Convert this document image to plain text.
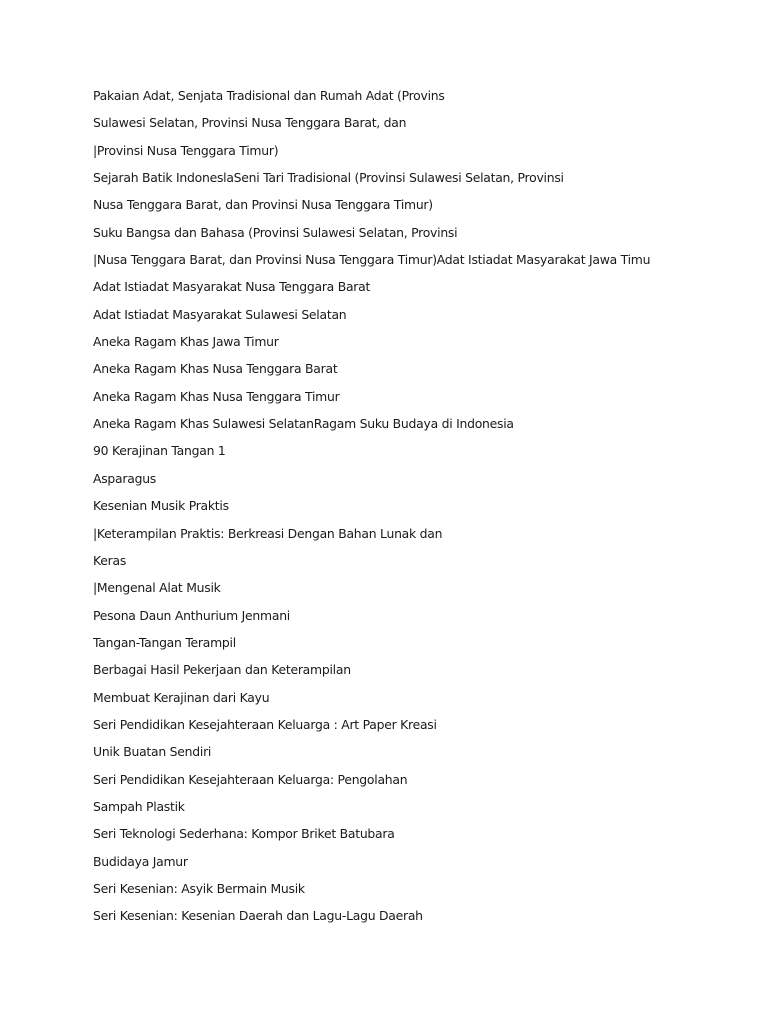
Pakaian Adat, Senjata Tradisional dan Rumah Adat (Provins
Sulawesi Selatan, Provinsi Nusa Tenggara Barat, dan
|Provinsi Nusa Tenggara Timur)
Sejarah Batik IndoneslaSeni Tari Tradisional (Provinsi Sulawesi Selatan, Provinsi
Nusa Tenggara Barat, dan Provinsi Nusa Tenggara Timur)
Suku Bangsa dan Bahasa (Provinsi Sulawesi Selatan, Provinsi
|Nusa Tenggara Barat, dan Provinsi Nusa Tenggara Timur)Adat Istiadat Masyarakat Jawa Timu
Adat Istiadat Masyarakat Nusa Tenggara Barat
Adat Istiadat Masyarakat Sulawesi Selatan
Aneka Ragam Khas Jawa Timur
Aneka Ragam Khas Nusa Tenggara Barat
Aneka Ragam Khas Nusa Tenggara Timur
Aneka Ragam Khas Sulawesi SelatanRagam Suku Budaya di Indonesia
90 Kerajinan Tangan 1
Asparagus
Kesenian Musik Praktis
|Keterampilan Praktis: Berkreasi Dengan Bahan Lunak dan
Keras
|Mengenal Alat Musik
Pesona Daun Anthurium Jenmani
Tangan-Tangan Terampil
Berbagai Hasil Pekerjaan dan Keterampilan
Membuat Kerajinan dari Kayu
Seri Pendidikan Kesejahteraan Keluarga : Art Paper Kreasi
Unik Buatan Sendiri
Seri Pendidikan Kesejahteraan Keluarga: Pengolahan
Sampah Plastik
Seri Teknologi Sederhana: Kompor Briket Batubara
Budidaya Jamur
Seri Kesenian: Asyik Bermain Musik
Seri Kesenian: Kesenian Daerah dan Lagu-Lagu Daerah
